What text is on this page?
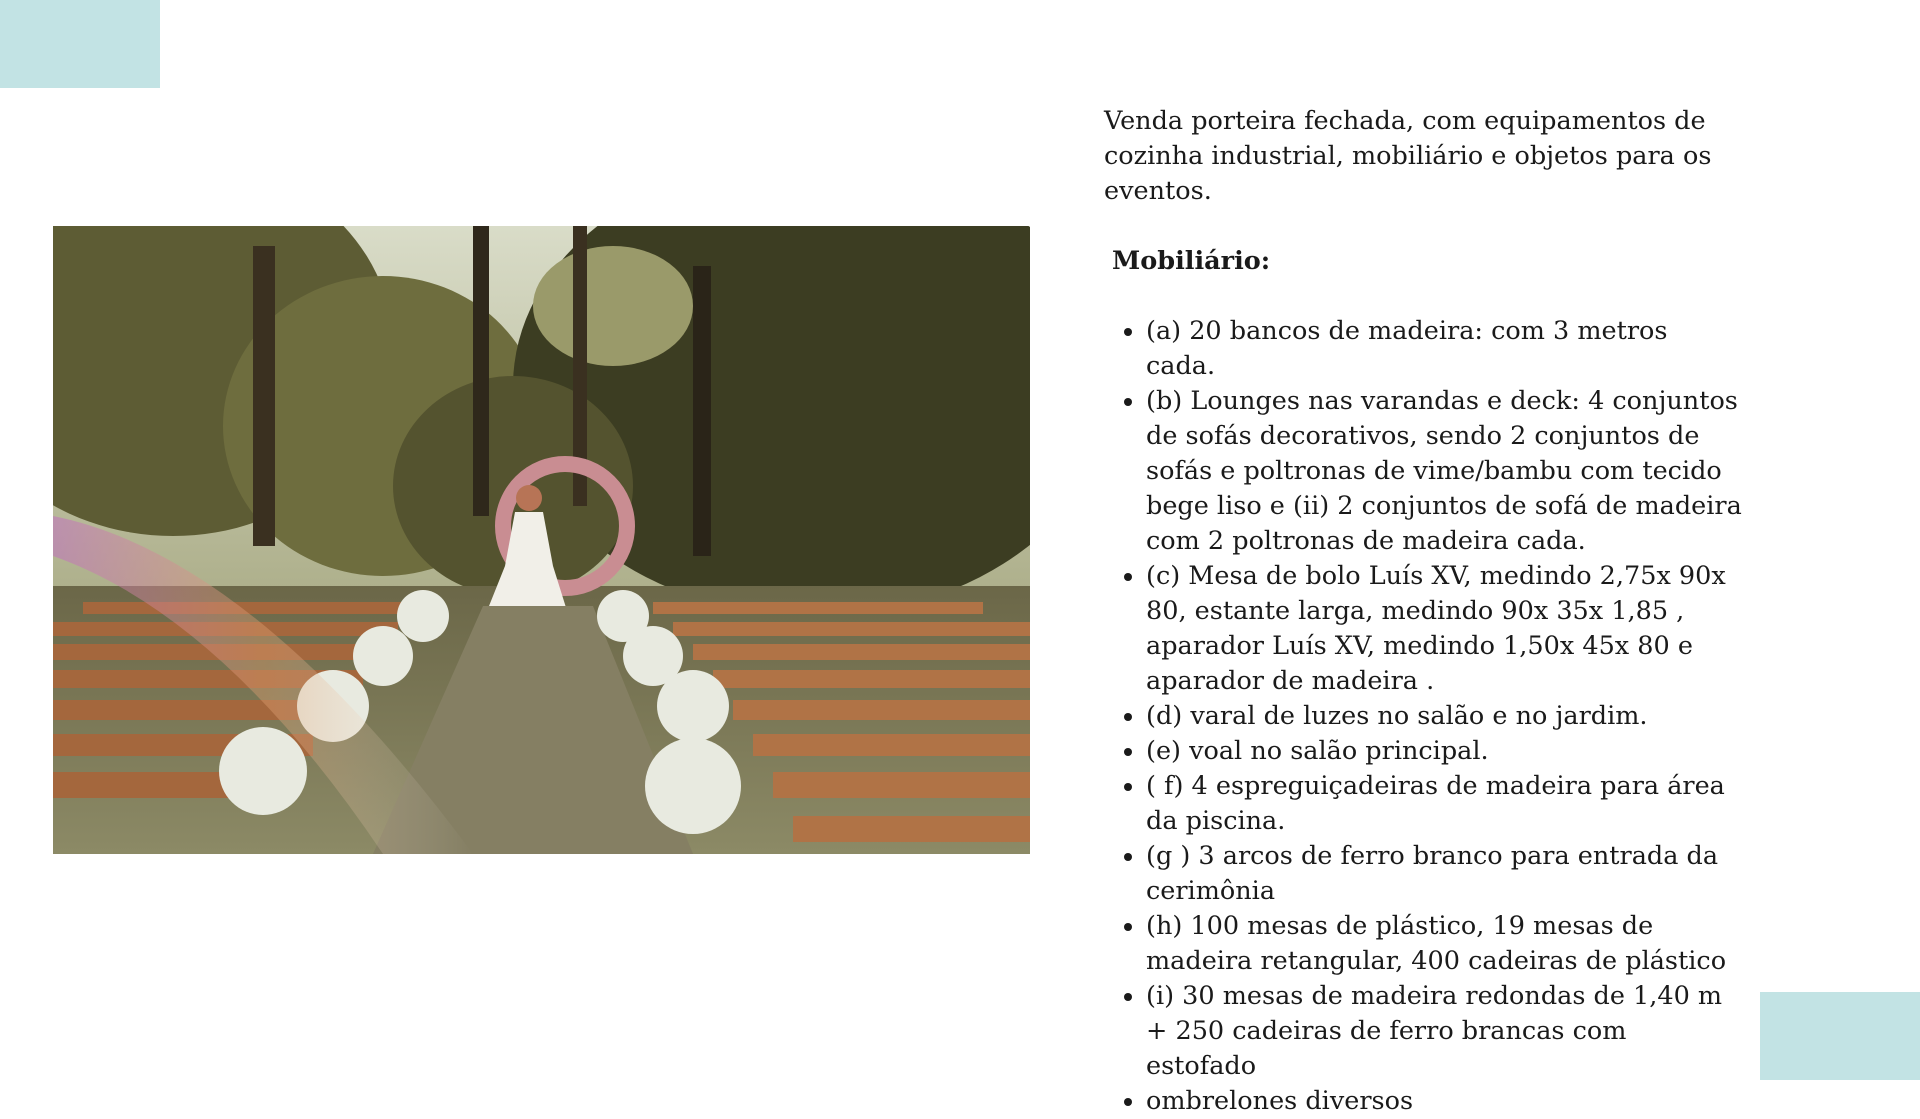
Venda porteira fechada, com equipamentos de cozinha industrial, mobiliário e objetos para os eventos.

Mobiliário:

• (a) 20 bancos de madeira: com 3 metros cada.
• (b) Lounges nas varandas e deck: 4 conjuntos de sofás decorativos, sendo 2 conjuntos de sofás e poltronas de vime/bambu com tecido bege liso e (ii) 2 conjuntos de sofá de madeira com 2 poltronas de madeira cada.
• (c) Mesa de bolo Luís XV, medindo 2,75x 90x 80, estante larga, medindo 90x 35x 1,85 , aparador Luís XV, medindo 1,50x 45x 80 e aparador de madeira .
• (d) varal de luzes no salão e no jardim.
• (e) voal no salão principal.
• ( f) 4 espreguiçadeiras de madeira para área da piscina.
• (g ) 3 arcos de ferro branco para entrada da cerimônia
• (h) 100 mesas de plástico, 19 mesas de madeira retangular, 400 cadeiras de plástico
• (i) 30 mesas de madeira redondas de 1,40 m + 250 cadeiras de ferro brancas com estofado
• ombrelones diversos
